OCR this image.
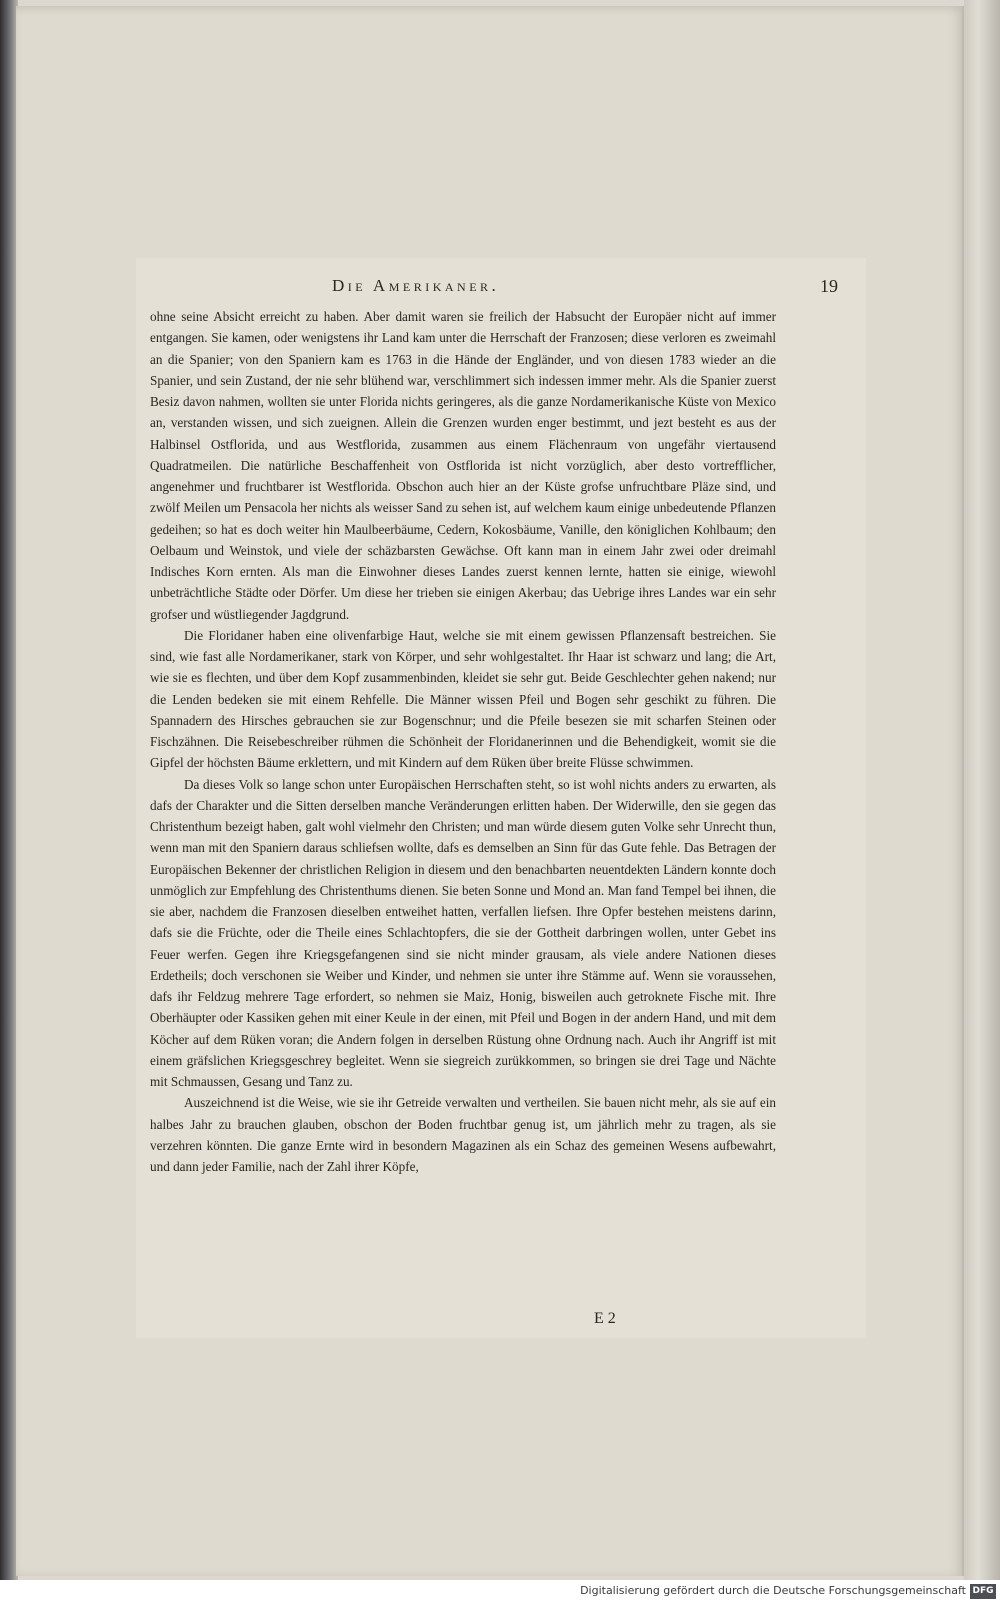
Die Amerikaner.	19

ohne seine Absicht erreicht zu haben. Aber damit waren sie freilich der Habsucht der Europäer nicht auf immer entgangen. Sie kamen, oder wenigstens ihr Land kam unter die Herrschaft der Franzosen; diese verloren es zweimahl an die Spanier; von den Spaniern kam es 1763 in die Hände der Engländer, und von diesen 1783 wieder an die Spanier, und sein Zustand, der nie sehr blühend war, verschlimmert sich indessen immer mehr. Als die Spanier zuerst Besiz davon nahmen, wollten sie unter Florida nichts geringeres, als die ganze Nordamerikanische Küste von Mexico an, verstanden wissen, und sich zueignen. Allein die Grenzen wurden enger bestimmt, und jezt besteht es aus der Halbinsel Ostflorida, und aus Westflorida, zusammen aus einem Flächenraum von ungefähr viertausend Quadratmeilen. Die natürliche Beschaffenheit von Ostflorida ist nicht vorzüglich, aber desto vortrefflicher, angenehmer und fruchtbarer ist Westflorida. Obschon auch hier an der Küste grofse unfruchtbare Pläze sind, und zwölf Meilen um Pensacola her nichts als weisser Sand zu sehen ist, auf welchem kaum einige unbedeutende Pflanzen gedeihen; so hat es doch weiter hin Maulbeerbäume, Cedern, Kokosbäume, Vanille, den königlichen Kohlbaum; den Oelbaum und Weinstok, und viele der schäzbarsten Gewächse. Oft kann man in einem Jahr zwei oder dreimahl Indisches Korn ernten. Als man die Einwohner dieses Landes zuerst kennen lernte, hatten sie einige, wiewohl unbeträchtliche Städte oder Dörfer. Um diese her trieben sie einigen Akerbau; das Uebrige ihres Landes war ein sehr grofser und wüstliegender Jagdgrund.

Die Floridaner haben eine olivenfarbige Haut, welche sie mit einem gewissen Pflanzensaft bestreichen. Sie sind, wie fast alle Nordamerikaner, stark von Körper, und sehr wohlgestaltet. Ihr Haar ist schwarz und lang; die Art, wie sie es flechten, und über dem Kopf zusammenbinden, kleidet sie sehr gut. Beide Geschlechter gehen nakend; nur die Lenden bedeken sie mit einem Rehfelle. Die Männer wissen Pfeil und Bogen sehr geschikt zu führen. Die Spannadern des Hirsches gebrauchen sie zur Bogenschnur; und die Pfeile besezen sie mit scharfen Steinen oder Fischzähnen. Die Reisebeschreiber rühmen die Schönheit der Floridanerinnen und die Behendigkeit, womit sie die Gipfel der höchsten Bäume erklettern, und mit Kindern auf dem Rüken über breite Flüsse schwimmen.

Da dieses Volk so lange schon unter Europäischen Herrschaften steht, so ist wohl nichts anders zu erwarten, als dafs der Charakter und die Sitten derselben manche Veränderungen erlitten haben. Der Widerwille, den sie gegen das Christenthum bezeigt haben, galt wohl vielmehr den Christen; und man würde diesem guten Volke sehr Unrecht thun, wenn man mit den Spaniern daraus schliefsen wollte, dafs es demselben an Sinn für das Gute fehle. Das Betragen der Europäischen Bekenner der christlichen Religion in diesem und den benachbarten neuentdekten Ländern konnte doch unmöglich zur Empfehlung des Christenthums dienen. Sie beten Sonne und Mond an. Man fand Tempel bei ihnen, die sie aber, nachdem die Franzosen dieselben entweihet hatten, verfallen liefsen. Ihre Opfer bestehen meistens darinn, dafs sie die Früchte, oder die Theile eines Schlachtopfers, die sie der Gottheit darbringen wollen, unter Gebet ins Feuer werfen. Gegen ihre Kriegsgefangenen sind sie nicht minder grausam, als viele andere Nationen dieses Erdetheils; doch verschonen sie Weiber und Kinder, und nehmen sie unter ihre Stämme auf. Wenn sie voraussehen, dafs ihr Feldzug mehrere Tage erfordert, so nehmen sie Maiz, Honig, bisweilen auch getroknete Fische mit. Ihre Oberhäupter oder Kassiken gehen mit einer Keule in der einen, mit Pfeil und Bogen in der andern Hand, und mit dem Köcher auf dem Rüken voran; die Andern folgen in derselben Rüstung ohne Ordnung nach. Auch ihr Angriff ist mit einem gräfslichen Kriegsgeschrey begleitet. Wenn sie siegreich zurükkommen, so bringen sie drei Tage und Nächte mit Schmaussen, Gesang und Tanz zu.

Auszeichnend ist die Weise, wie sie ihr Getreide verwalten und vertheilen. Sie bauen nicht mehr, als sie auf ein halbes Jahr zu brauchen glauben, obschon der Boden fruchtbar genug ist, um jährlich mehr zu tragen, als sie verzehren könnten. Die ganze Ernte wird in besondern Magazinen als ein Schaz des gemeinen Wesens aufbewahrt, und dann jeder Familie, nach der Zahl ihrer Köpfe,

E 2
Digitalisierung gefördert durch die Deutsche Forschungsgemeinschaft DFG
